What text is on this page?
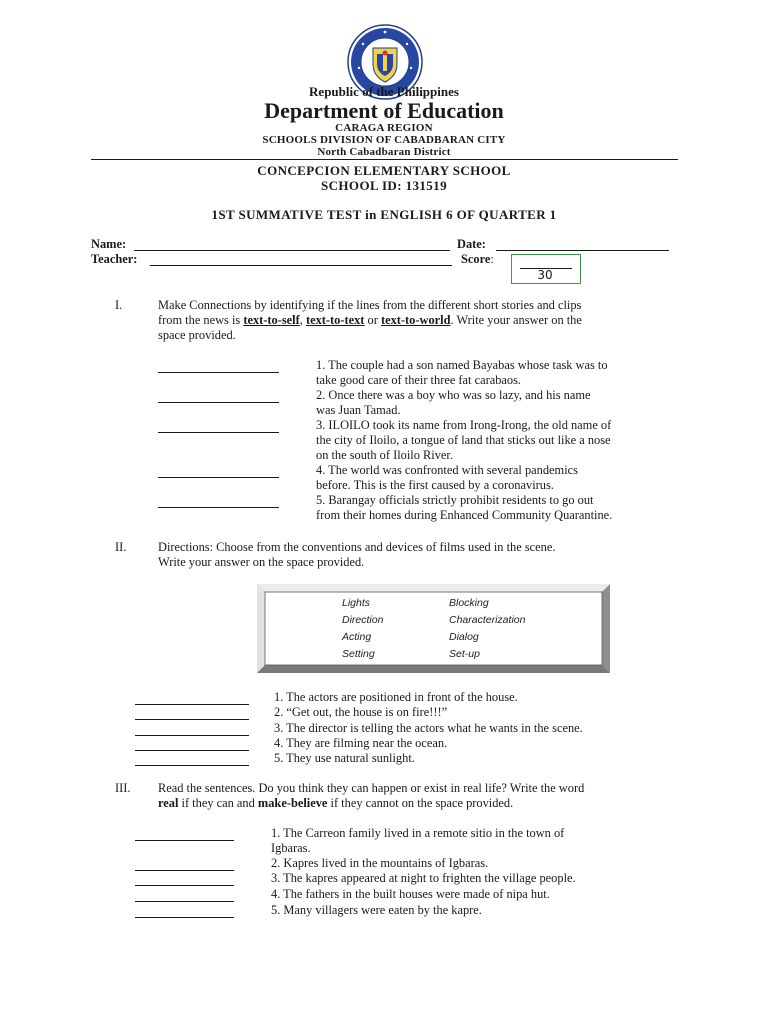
Republic of the Philippines
Department of Education
CARAGA REGION
SCHOOLS DIVISION OF CABADBARAN CITY
North Cabadbaran District
CONCEPCION ELEMENTARY SCHOOL
SCHOOL ID: 131519
1ST SUMMATIVE TEST in ENGLISH 6 OF QUARTER 1
Name:	Date:
Teacher:	Score:
30
I.	Make Connections by identifying if the lines from the different short stories and clips
from the news is text-to-self, text-to-text or text-to-world. Write your answer on the
space provided.
1. The couple had a son named Bayabas whose task was to
take good care of their three fat carabaos.
2. Once there was a boy who was so lazy, and his name
was Juan Tamad.
3. ILOILO took its name from Irong-Irong, the old name of
the city of Iloilo, a tongue of land that sticks out like a nose
on the south of Iloilo River.
4. The world was confronted with several pandemics
before. This is the first caused by a coronavirus.
5. Barangay officials strictly prohibit residents to go out
from their homes during Enhanced Community Quarantine.
II.	Directions: Choose from the conventions and devices of films used in the scene.
Write your answer on the space provided.
Lights	Blocking
Direction	Characterization
Acting	Dialog
Setting	Set-up
1. The actors are positioned in front of the house.
2. “Get out, the house is on fire!!!”
3. The director is telling the actors what he wants in the scene.
4. They are filming near the ocean.
5. They use natural sunlight.
III. Read the sentences. Do you think they can happen or exist in real life? Write the word
real if they can and make-believe if they cannot on the space provided.
1. The Carreon family lived in a remote sitio in the town of
Igbaras.
2. Kapres lived in the mountains of Igbaras.
3. The kapres appeared at night to frighten the village people.
4. The fathers in the built houses were made of nipa hut.
5. Many villagers were eaten by the kapre.
